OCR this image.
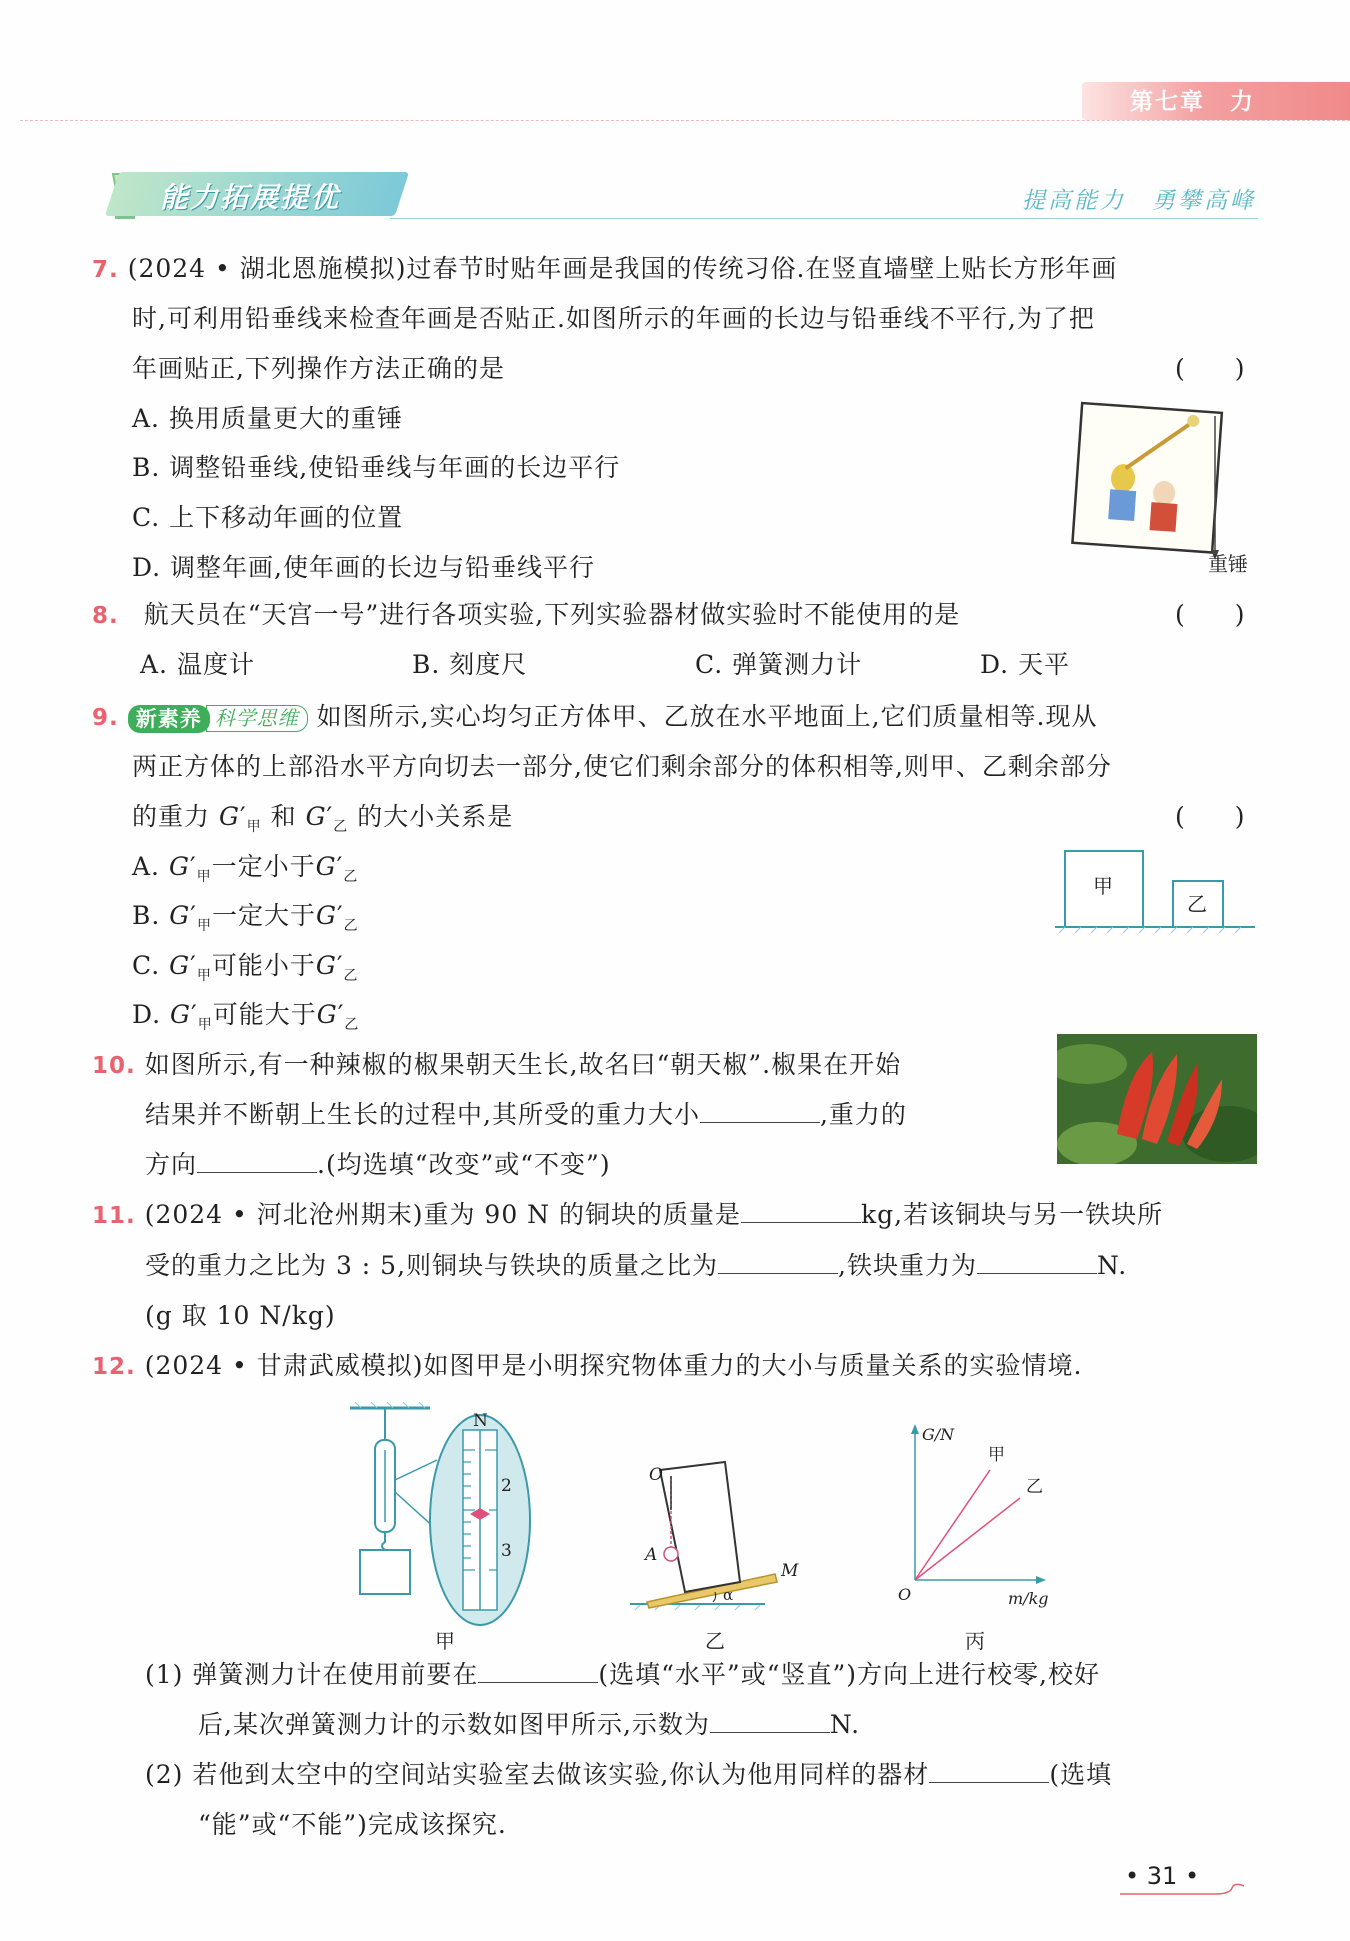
第七章　力
能力拓展提优	提高能力　勇攀高峰
7. (2024 • 湖北恩施模拟)过春节时贴年画是我国的传统习俗.在竖直墙壁上贴长方形年画
时,可利用铅垂线来检查年画是否贴正.如图所示的年画的长边与铅垂线不平行,为了把
年画贴正,下列操作方法正确的是	(　　)
A. 换用质量更大的重锤
B. 调整铅垂线,使铅垂线与年画的长边平行
C. 上下移动年画的位置
D. 调整年画,使年画的长边与铅垂线平行	重锤
8. 航天员在“天宫一号”进行各项实验,下列实验器材做实验时不能使用的是	(　　)
A. 温度计	B. 刻度尺	C. 弹簧测力计	D. 天平
9. 新素养 科学思维 如图所示,实心均匀正方体甲、乙放在水平地面上,它们质量相等.现从
两正方体的上部沿水平方向切去一部分,使它们剩余部分的体积相等,则甲、乙剩余部分
的重力 $G'_甲$ 和 $G'_乙$ 的大小关系是	(　　)
A. $G'_甲$一定小于$G'_乙$
B. $G'_甲$一定大于$G'_乙$
C. $G'_甲$可能小于$G'_乙$
D. $G'_甲$可能大于$G'_乙$
甲
乙
10. 如图所示,有一种辣椒的椒果朝天生长,故名曰“朝天椒”.椒果在开始
结果并不断朝上生长的过程中,其所受的重力大小	,重力的
方向	.(均选填“改变”或“不变”)
11. (2024 • 河北沧州期末)重为 90 N 的铜块的质量是	kg,若该铜块与另一铁块所
受的重力之比为 3 : 5,则铜块与铁块的质量之比为	,铁块重力为	N.
(g 取 10 N/kg)
12. (2024 • 甘肃武威模拟)如图甲是小明探究物体重力的大小与质量关系的实验情境.
N
2
3
甲
O
A
M
α
乙
G/N
m/kg
O
甲
乙
丙
(1) 弹簧测力计在使用前要在	(选填“水平”或“竖直”)方向上进行校零,校好
后,某次弹簧测力计的示数如图甲所示,示数为	N.
(2) 若他到太空中的空间站实验室去做该实验,你认为他用同样的器材	(选填
“能”或“不能”)完成该探究.
• 31 •
